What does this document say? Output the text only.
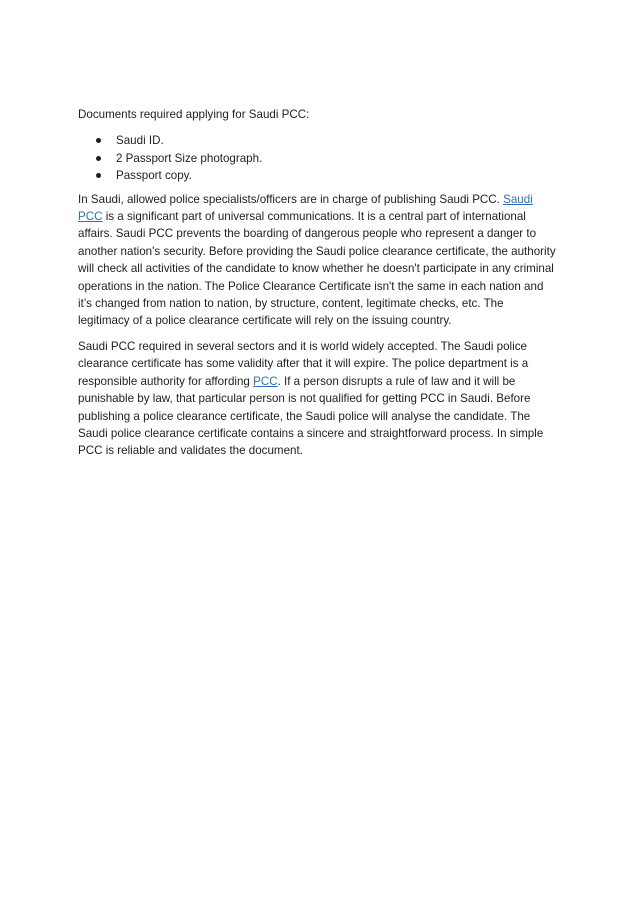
Documents required applying for Saudi PCC:

Saudi ID.
2 Passport Size photograph.
Passport copy.

In Saudi, allowed police specialists/officers are in charge of publishing Saudi PCC. Saudi PCC is a significant part of universal communications. It is a central part of international affairs. Saudi PCC prevents the boarding of dangerous people who represent a danger to another nation's security. Before providing the Saudi police clearance certificate, the authority will check all activities of the candidate to know whether he doesn't participate in any criminal operations in the nation. The Police Clearance Certificate isn't the same in each nation and it’s changed from nation to nation, by structure, content, legitimate checks, etc. The legitimacy of a police clearance certificate will rely on the issuing country.

Saudi PCC required in several sectors and it is world widely accepted. The Saudi police clearance certificate has some validity after that it will expire. The police department is a responsible authority for affording PCC. If a person disrupts a rule of law and it will be punishable by law, that particular person is not qualified for getting PCC in Saudi. Before publishing a police clearance certificate, the Saudi police will analyse the candidate. The Saudi police clearance certificate contains a sincere and straightforward process. In simple PCC is reliable and validates the document.
